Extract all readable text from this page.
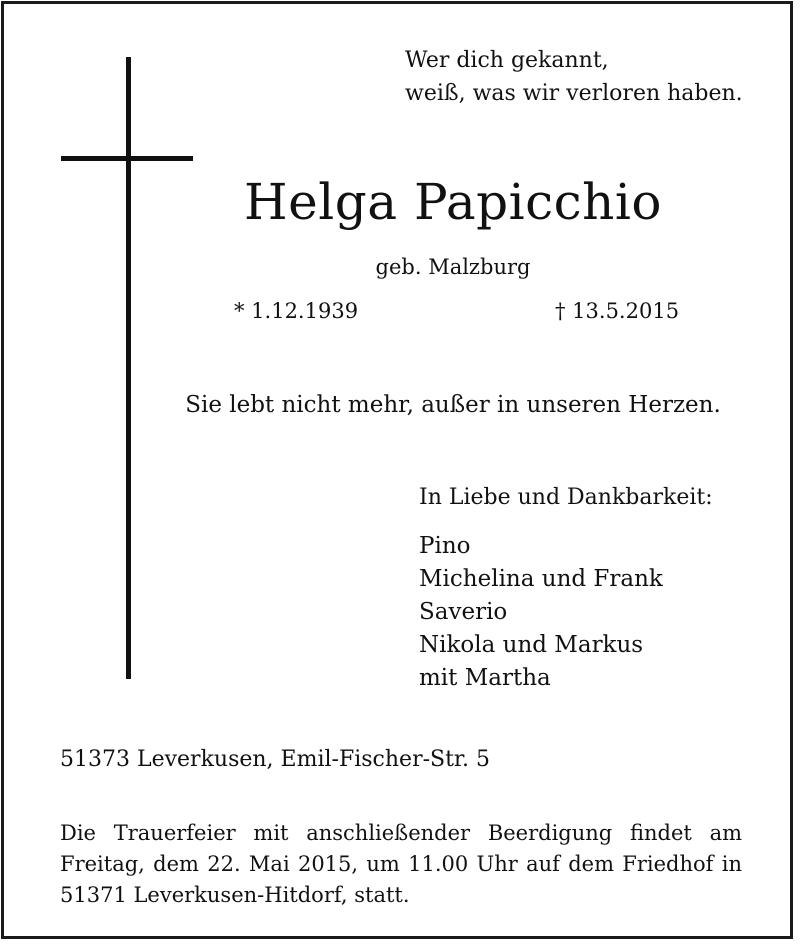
Wer dich gekannt,
weiß, was wir verloren haben.
Helga Papicchio
geb. Malzburg
* 1.12.1939	† 13.5.2015
Sie lebt nicht mehr, außer in unseren Herzen.
In Liebe und Dankbarkeit:
Pino
Michelina und Frank
Saverio
Nikola und Markus
mit Martha
51373 Leverkusen, Emil-Fischer-Str. 5
Die Trauerfeier mit anschließender Beerdigung findet am
Freitag, dem 22. Mai 2015, um 11.00 Uhr auf dem Friedhof in
51371 Leverkusen-Hitdorf, statt.
